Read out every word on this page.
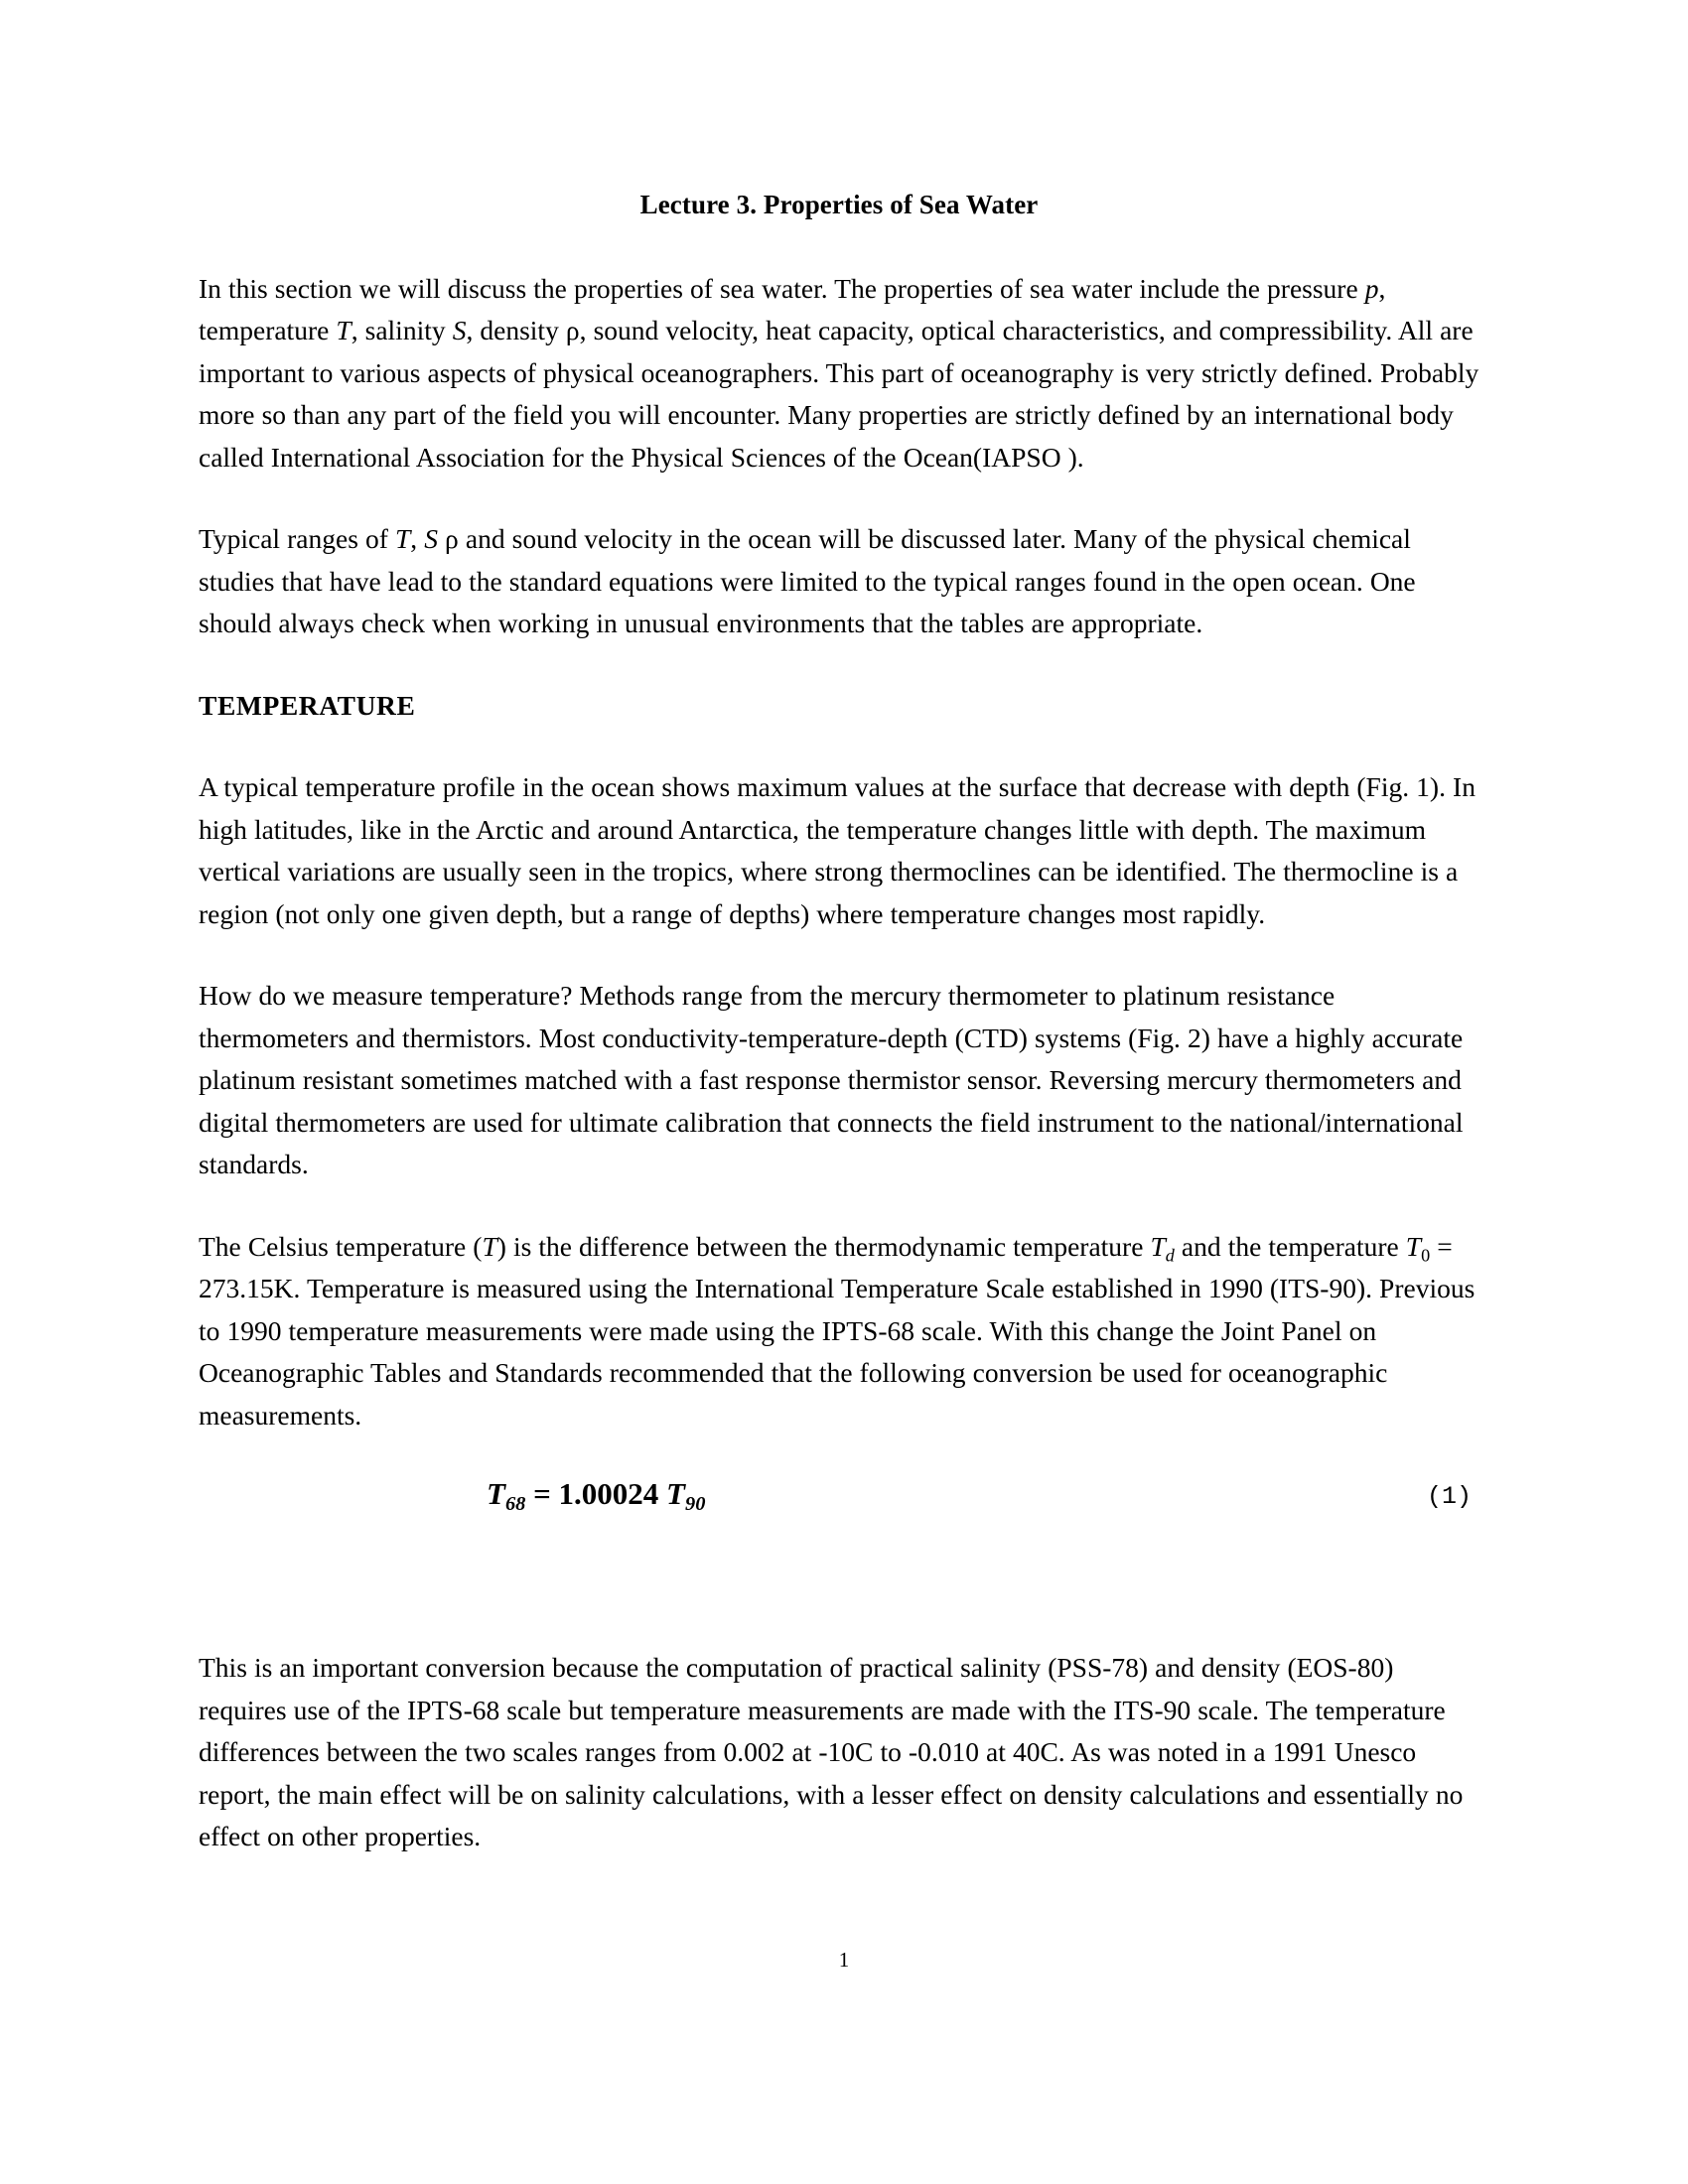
Lecture 3. Properties of Sea Water

In this section we will discuss the properties of sea water. The properties of sea water include the pressure p, temperature T, salinity S, density ρ, sound velocity, heat capacity, optical characteristics, and compressibility. All are important to various aspects of physical oceanographers. This part of oceanography is very strictly defined. Probably more so than any part of the field you will encounter. Many properties are strictly defined by an international body called International Association for the Physical Sciences of the Ocean(IAPSO ).

Typical ranges of T, S ρ and sound velocity in the ocean will be discussed later. Many of the physical chemical studies that have lead to the standard equations were limited to the typical ranges found in the open ocean. One should always check when working in unusual environments that the tables are appropriate.

TEMPERATURE

A typical temperature profile in the ocean shows maximum values at the surface that decrease with depth (Fig. 1). In high latitudes, like in the Arctic and around Antarctica, the temperature changes little with depth. The maximum vertical variations are usually seen in the tropics, where strong thermoclines can be identified. The thermocline is a region (not only one given depth, but a range of depths) where temperature changes most rapidly.

How do we measure temperature? Methods range from the mercury thermometer to platinum resistance thermometers and thermistors. Most conductivity-temperature-depth (CTD) systems (Fig. 2) have a highly accurate platinum resistant sometimes matched with a fast response thermistor sensor. Reversing mercury thermometers and digital thermometers are used for ultimate calibration that connects the field instrument to the national/international standards.

The Celsius temperature (T) is the difference between the thermodynamic temperature $T_d$ and the temperature $T_0 = 273.15K$. Temperature is measured using the International Temperature Scale established in 1990 (ITS-90). Previous to 1990 temperature measurements were made using the IPTS-68 scale. With this change the Joint Panel on Oceanographic Tables and Standards recommended that the following conversion be used for oceanographic measurements.

$T_{68} = 1.00024$ $T_{90}$	(1)

This is an important conversion because the computation of practical salinity (PSS-78) and density (EOS-80) requires use of the IPTS-68 scale but temperature measurements are made with the ITS-90 scale. The temperature differences between the two scales ranges from 0.002 at -10C to -0.010 at 40C. As was noted in a 1991 Unesco report, the main effect will be on salinity calculations, with a lesser effect on density calculations and essentially no effect on other properties.

1
